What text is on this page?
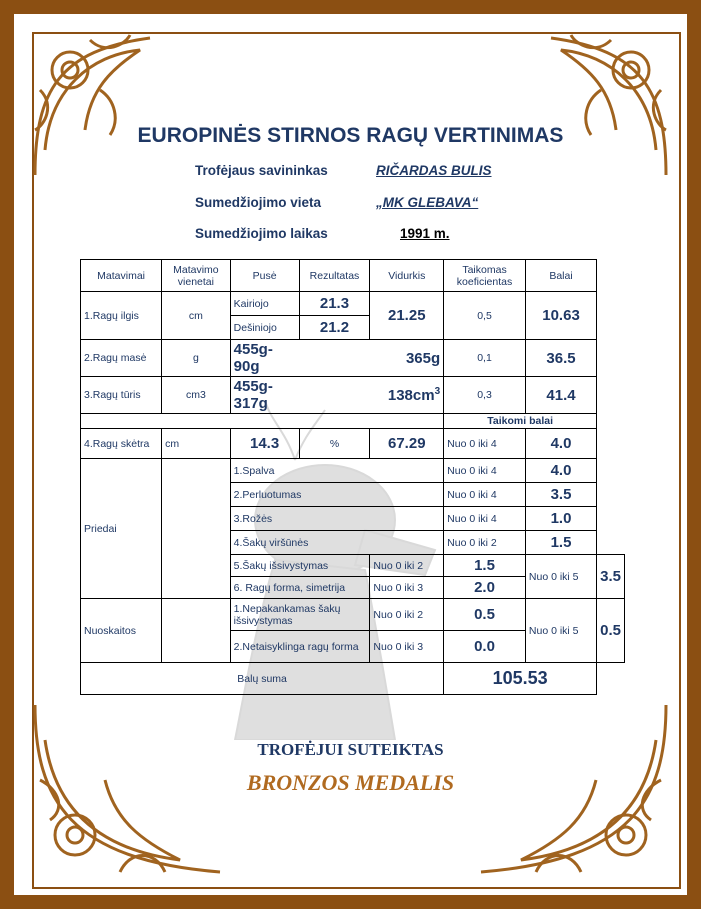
EUROPINĖS STIRNOS RAGŲ VERTINIMAS
Trofėjaus savininkas	RIČARDAS BULIS
Sumedžiojimo vieta	„MK GLEBAVA“
Sumedžiojimo laikas	1991 m.
Matavimai	Matavimo vienetai	Pusė	Rezultatas	Vidurkis	Taikomas koeficientas	Balai	
1.Ragų ilgis	cm	Kairiojo	21.3	21.25	0,5	10.63	
		Dešiniojo	21.2				
2.Ragų masė	g	455g-90g		365g	0,1	36.5	
3.Ragų tūris	cm3	455g-317g		$138cm^3$	0,3	41.4	
					Taikomi balai		
4.Ragų skėtra	cm	14.3	%	67.29	Nuo 0 iki 4	4.0	
Priedai		1.Spalva			Nuo 0 iki 4	4.0	
		2.Perluotumas			Nuo 0 iki 4	3.5	
		3.Rožės			Nuo 0 iki 4	1.0	
		4.Šakų viršūnės			Nuo 0 iki 2	1.5	
		5.Šakų išsivystymas		Nuo 0 iki 2	1.5	Nuo 0 iki 5	3.5
		6. Ragų forma, simetrija		Nuo 0 iki 3	2.0		
Nuoskaitos		1.Nepakankamas šakų išsivystymas		Nuo 0 iki 2	0.5	Nuo 0 iki 5	0.5
		2.Netaisyklinga ragų forma		Nuo 0 iki 3	0.0		
Balų suma					105.53		
TROFĖJUI SUTEIKTAS
BRONZOS MEDALIS
